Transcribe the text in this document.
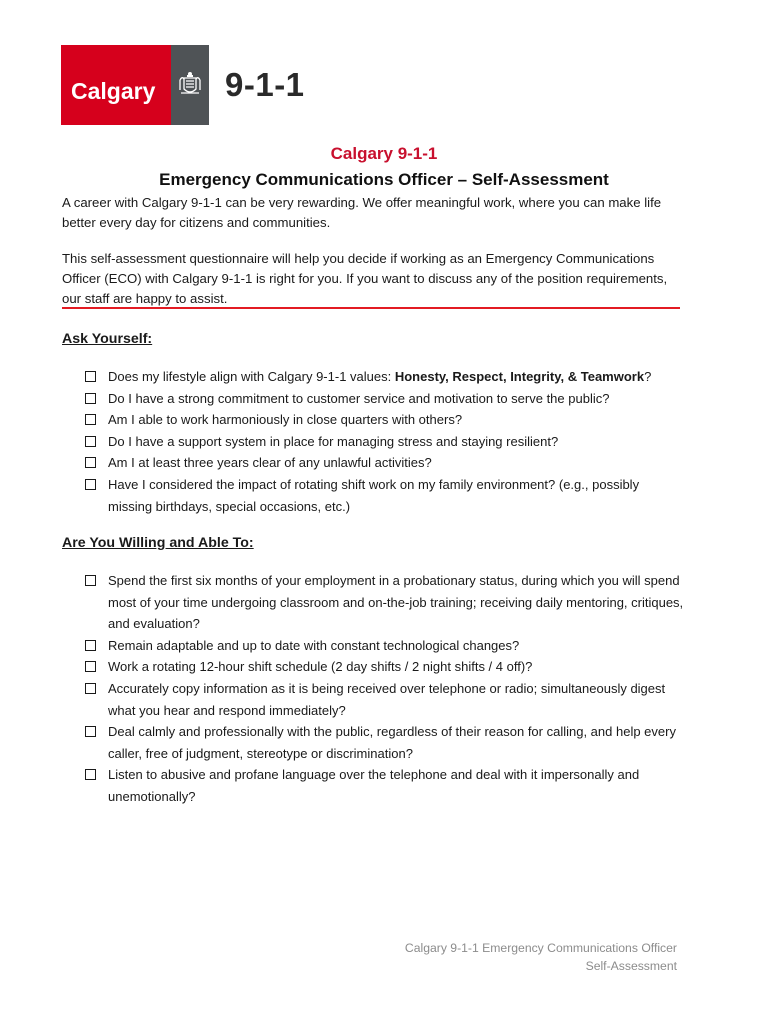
Calgary	9-1-1
Calgary 9-1-1
Emergency Communications Officer – Self-Assessment
A career with Calgary 9-1-1 can be very rewarding. We offer meaningful work, where you can make life better every day for citizens and communities.
This self-assessment questionnaire will help you decide if working as an Emergency Communications Officer (ECO) with Calgary 9-1-1 is right for you. If you want to discuss any of the position requirements, our staff are happy to assist.
Ask Yourself:
Does my lifestyle align with Calgary 9-1-1 values: Honesty, Respect, Integrity, & Teamwork?
Do I have a strong commitment to customer service and motivation to serve the public?
Am I able to work harmoniously in close quarters with others?
Do I have a support system in place for managing stress and staying resilient?
Am I at least three years clear of any unlawful activities?
Have I considered the impact of rotating shift work on my family environment? (e.g., possibly missing birthdays, special occasions, etc.)
Are You Willing and Able To:
Spend the first six months of your employment in a probationary status, during which you will spend most of your time undergoing classroom and on-the-job training; receiving daily mentoring, critiques, and evaluation?
Remain adaptable and up to date with constant technological changes?
Work a rotating 12-hour shift schedule (2 day shifts / 2 night shifts / 4 off)?
Accurately copy information as it is being received over telephone or radio; simultaneously digest what you hear and respond immediately?
Deal calmly and professionally with the public, regardless of their reason for calling, and help every caller, free of judgment, stereotype or discrimination?
Listen to abusive and profane language over the telephone and deal with it impersonally and unemotionally?
Calgary 9-1-1 Emergency Communications Officer
Self-Assessment
